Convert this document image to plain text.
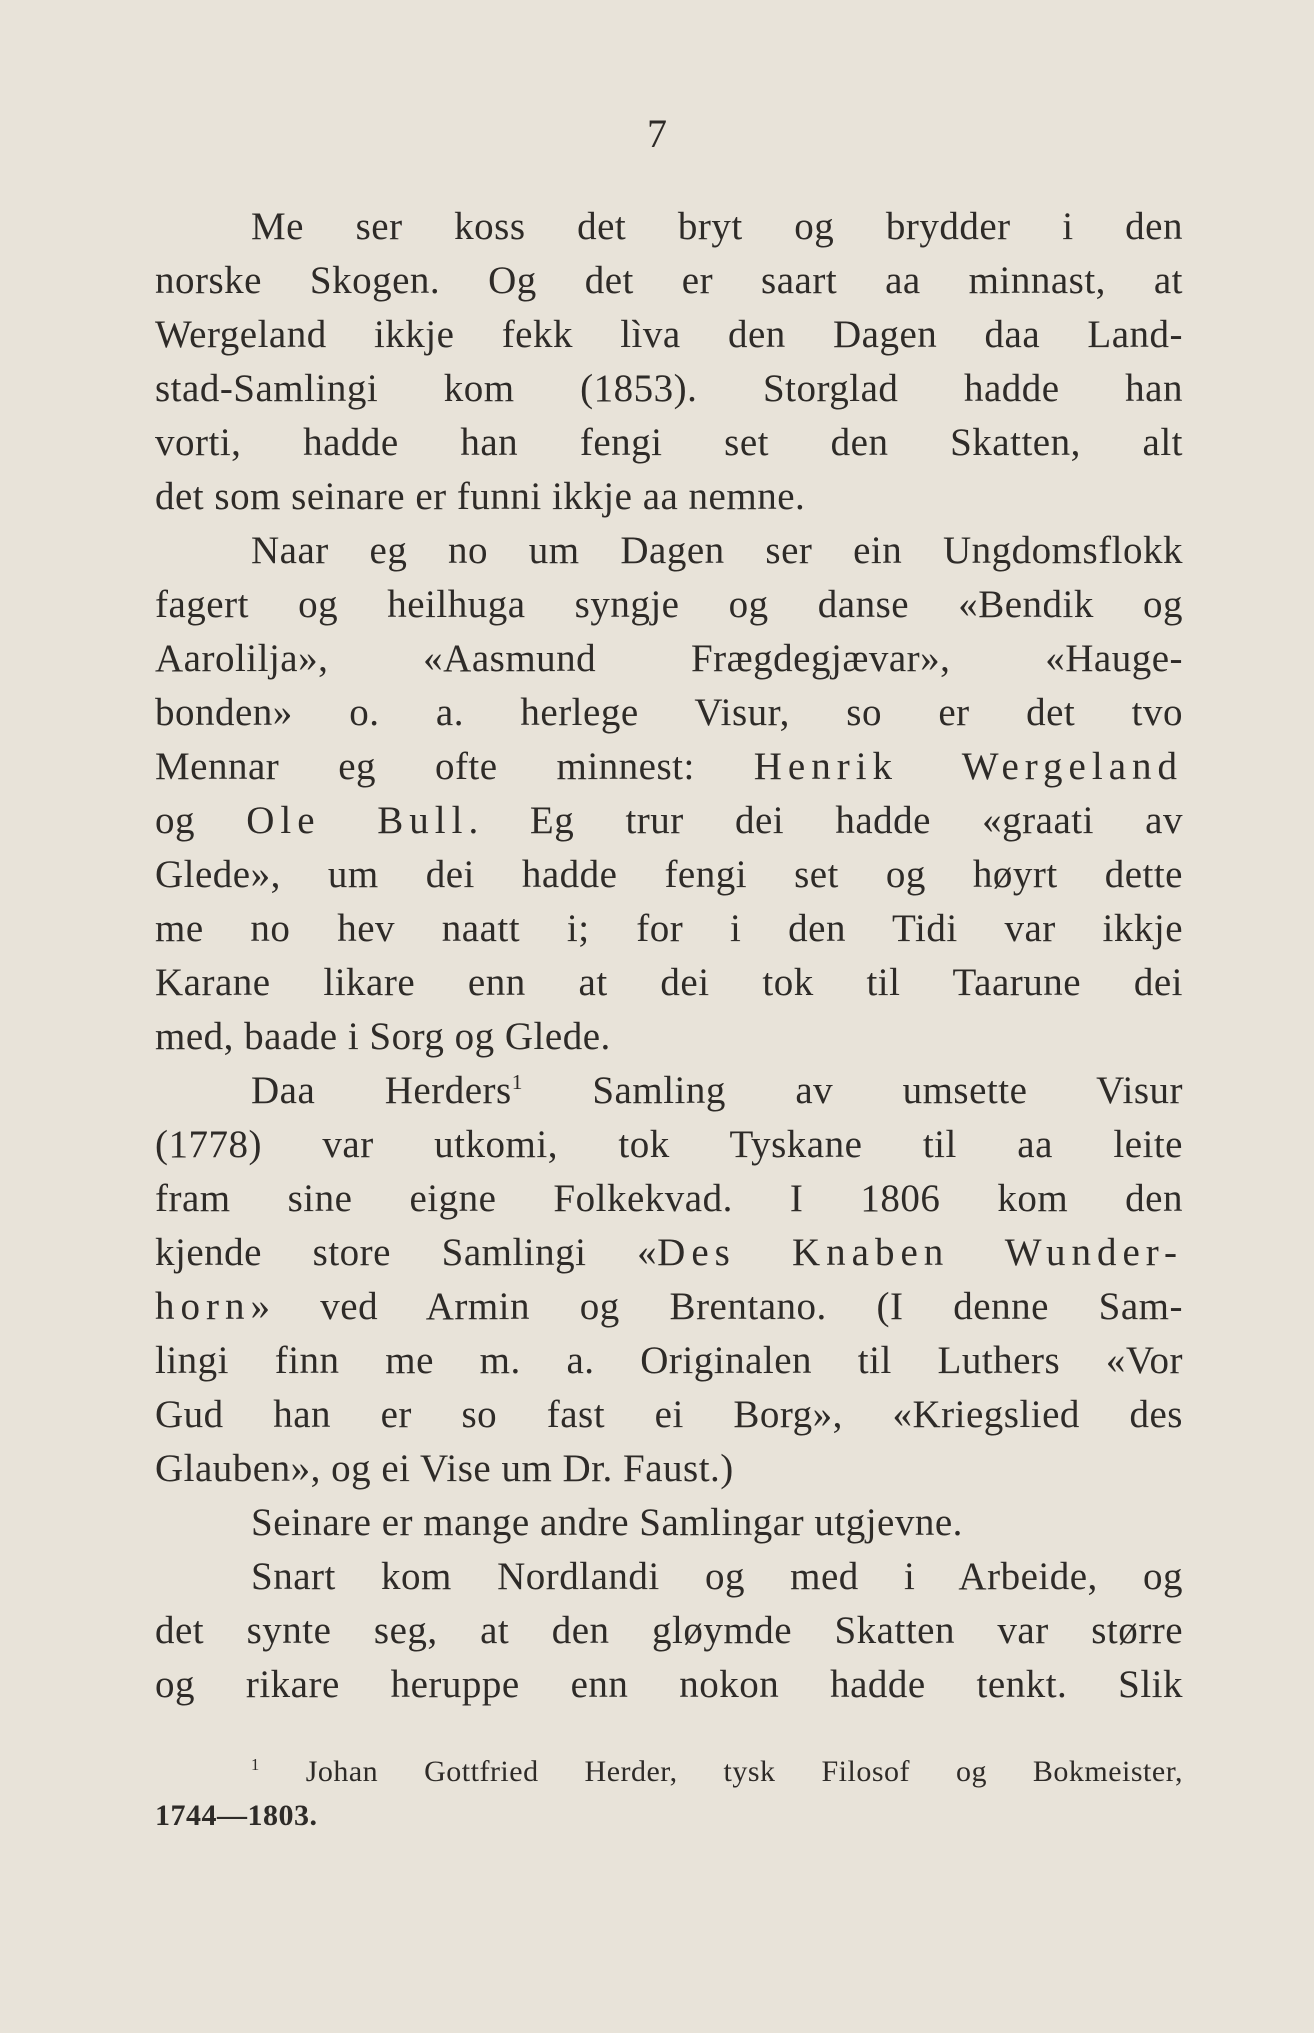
7
Me ser koss det bryt og brydder i den
norske Skogen. Og det er saart aa minnast, at
Wergeland ikkje fekk lìva den Dagen daa Land-
stad-Samlingi kom (1853). Storglad hadde han
vorti, hadde han fengi set den Skatten, alt
det som seinare er funni ikkje aa nemne.
Naar eg no um Dagen ser ein Ungdomsflokk
fagert og heilhuga syngje og danse «Bendik og
Aarolilja», «Aasmund Frægdegjævar», «Hauge-
bonden» o. a. herlege Visur, so er det tvo
Mennar eg ofte minnest: Henrik Wergeland
og Ole Bull. Eg trur dei hadde «graati av
Glede», um dei hadde fengi set og høyrt dette
me no hev naatt i; for i den Tidi var ikkje
Karane likare enn at dei tok til Taarune dei
med, baade i Sorg og Glede.
Daa Herders$^1$ Samling av umsette Visur
(1778) var utkomi, tok Tyskane til aa leite
fram sine eigne Folkekvad. I 1806 kom den
kjende store Samlingi «Des Knaben Wunder-
horn» ved Armin og Brentano. (I denne Sam-
lingi finn me m. a. Originalen til Luthers «Vor
Gud han er so fast ei Borg», «Kriegslied des
Glauben», og ei Vise um Dr. Faust.)
Seinare er mange andre Samlingar utgjevne.
Snart kom Nordlandi og med i Arbeide, og
det synte seg, at den gløymde Skatten var større
og rikare heruppe enn nokon hadde tenkt. Slik
$^1$ Johan Gottfried Herder, tysk Filosof og Bokmeister,
1744—1803.
